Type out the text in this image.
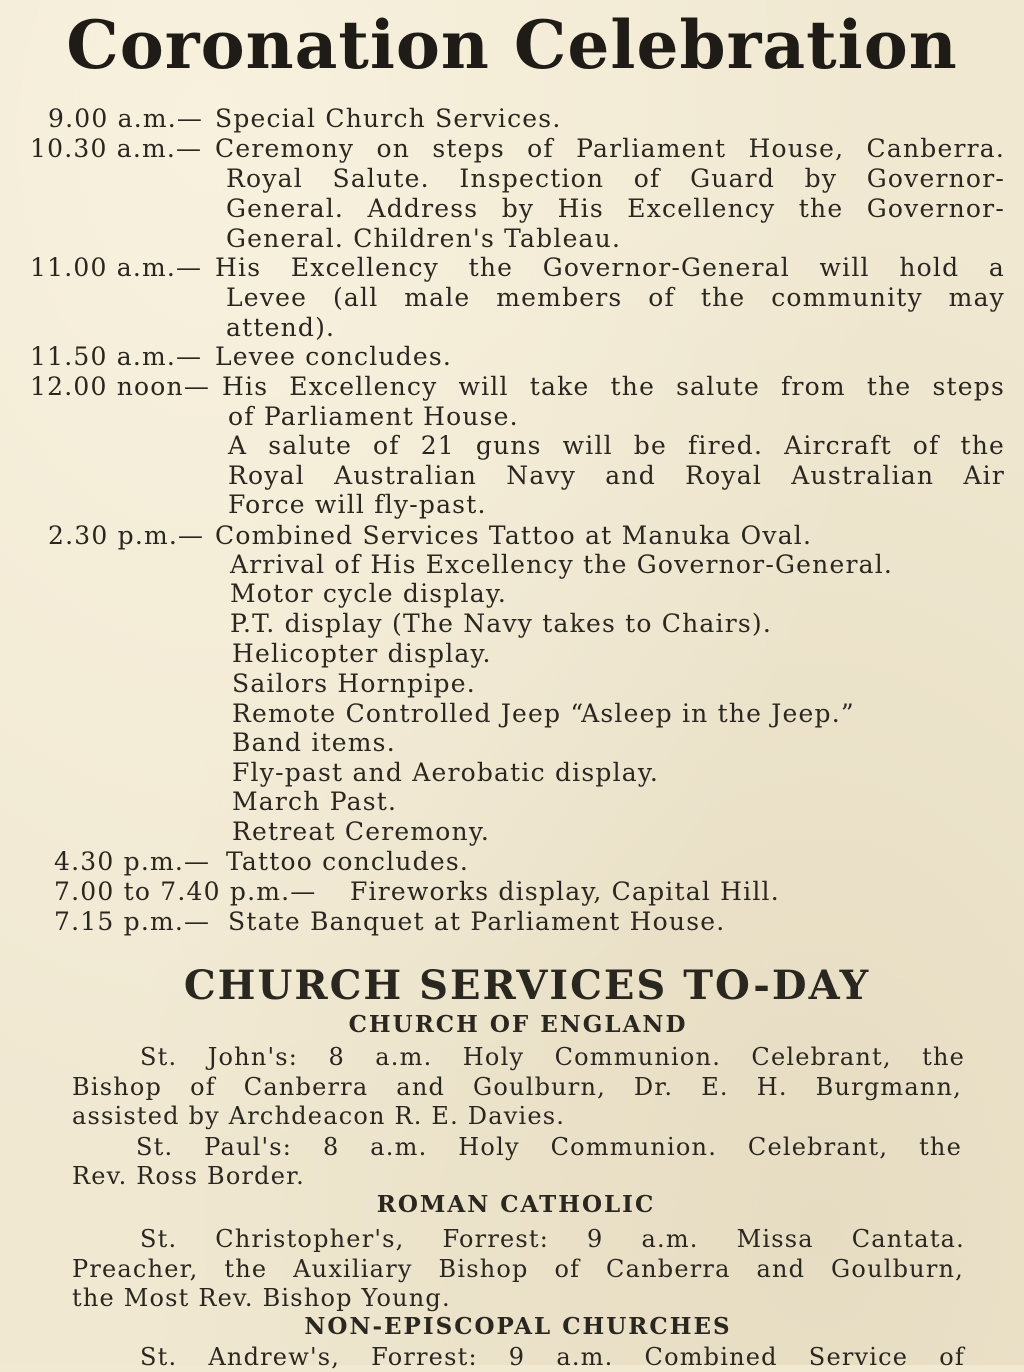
Coronation Celebration
9.00 a.m.— Special Church Services.
10.30 a.m.— Ceremony on steps of Parliament House, Canberra.
Royal Salute. Inspection of Guard by Governor-
General. Address by His Excellency the Governor-
General. Children's Tableau.
11.00 a.m.— His Excellency the Governor-General will hold a
Levee (all male members of the community may
attend).
11.50 a.m.— Levee concludes.
12.00 noon— His Excellency will take the salute from the steps
of Parliament House.
A salute of 21 guns will be fired. Aircraft of the
Royal Australian Navy and Royal Australian Air
Force will fly-past.
2.30 p.m.— Combined Services Tattoo at Manuka Oval.
Arrival of His Excellency the Governor-General.
Motor cycle display.
P.T. display (The Navy takes to Chairs).
Helicopter display.
Sailors Hornpipe.
Remote Controlled Jeep “Asleep in the Jeep.”
Band items.
Fly-past and Aerobatic display.
March Past.
Retreat Ceremony.
4.30 p.m.— Tattoo concludes.
7.00 to 7.40 p.m.— Fireworks display, Capital Hill.
7.15 p.m.— State Banquet at Parliament House.
CHURCH SERVICES TO-DAY
CHURCH OF ENGLAND
St. John's: 8 a.m. Holy Communion. Celebrant, the
Bishop of Canberra and Goulburn, Dr. E. H. Burgmann,
assisted by Archdeacon R. E. Davies.
St. Paul's: 8 a.m. Holy Communion. Celebrant, the
Rev. Ross Border.
ROMAN CATHOLIC
St. Christopher's, Forrest: 9 a.m. Missa Cantata.
Preacher, the Auxiliary Bishop of Canberra and Goulburn,
the Most Rev. Bishop Young.
NON-EPISCOPAL CHURCHES
St. Andrew's, Forrest: 9 a.m. Combined Service of
